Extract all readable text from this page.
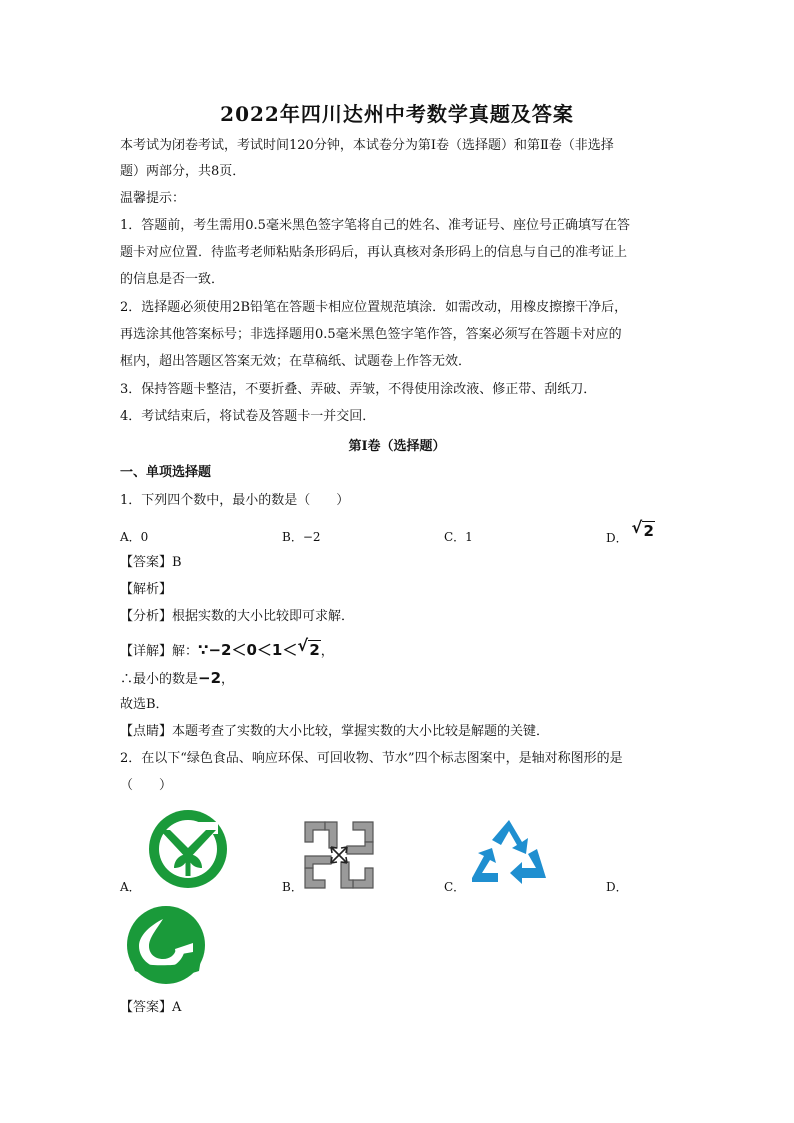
2022年四川达州中考数学真题及答案
本考试为闭卷考试，考试时间120分钟，本试卷分为第Ⅰ卷（选择题）和第Ⅱ卷（非选择
题）两部分，共8页．
温馨提示：
1．答题前，考生需用0.5毫米黑色签字笔将自己的姓名、准考证号、座位号正确填写在答
题卡对应位置．待监考老师粘贴条形码后，再认真核对条形码上的信息与自己的准考证上
的信息是否一致．
2．选择题必须使用2B铅笔在答题卡相应位置规范填涂．如需改动，用橡皮擦擦干净后，
再选涂其他答案标号；非选择题用0.5毫米黑色签字笔作答，答案必须写在答题卡对应的
框内，超出答题区答案无效；在草稿纸、试题卷上作答无效．
3．保持答题卡整洁，不要折叠、弄破、弄皱，不得使用涂改液、修正带、刮纸刀．
4．考试结束后，将试卷及答题卡一并交回．
第Ⅰ卷（选择题）
一、单项选择题
1．下列四个数中，最小的数是（　　）
A．0	B．−2	C．1	D．
√ 2
【答案】B
【解析】
【分析】根据实数的大小比较即可求解．
【详解】解：∵−2＜0＜1＜ √ 2，
∴最小的数是−2，
故选B．
【点睛】本题考查了实数的大小比较，掌握实数的大小比较是解题的关键．
2．在以下“绿色食品、响应环保、可回收物、节水”四个标志图案中，是轴对称图形的是
（　　）
A．	B．	C．	D．
【答案】A
